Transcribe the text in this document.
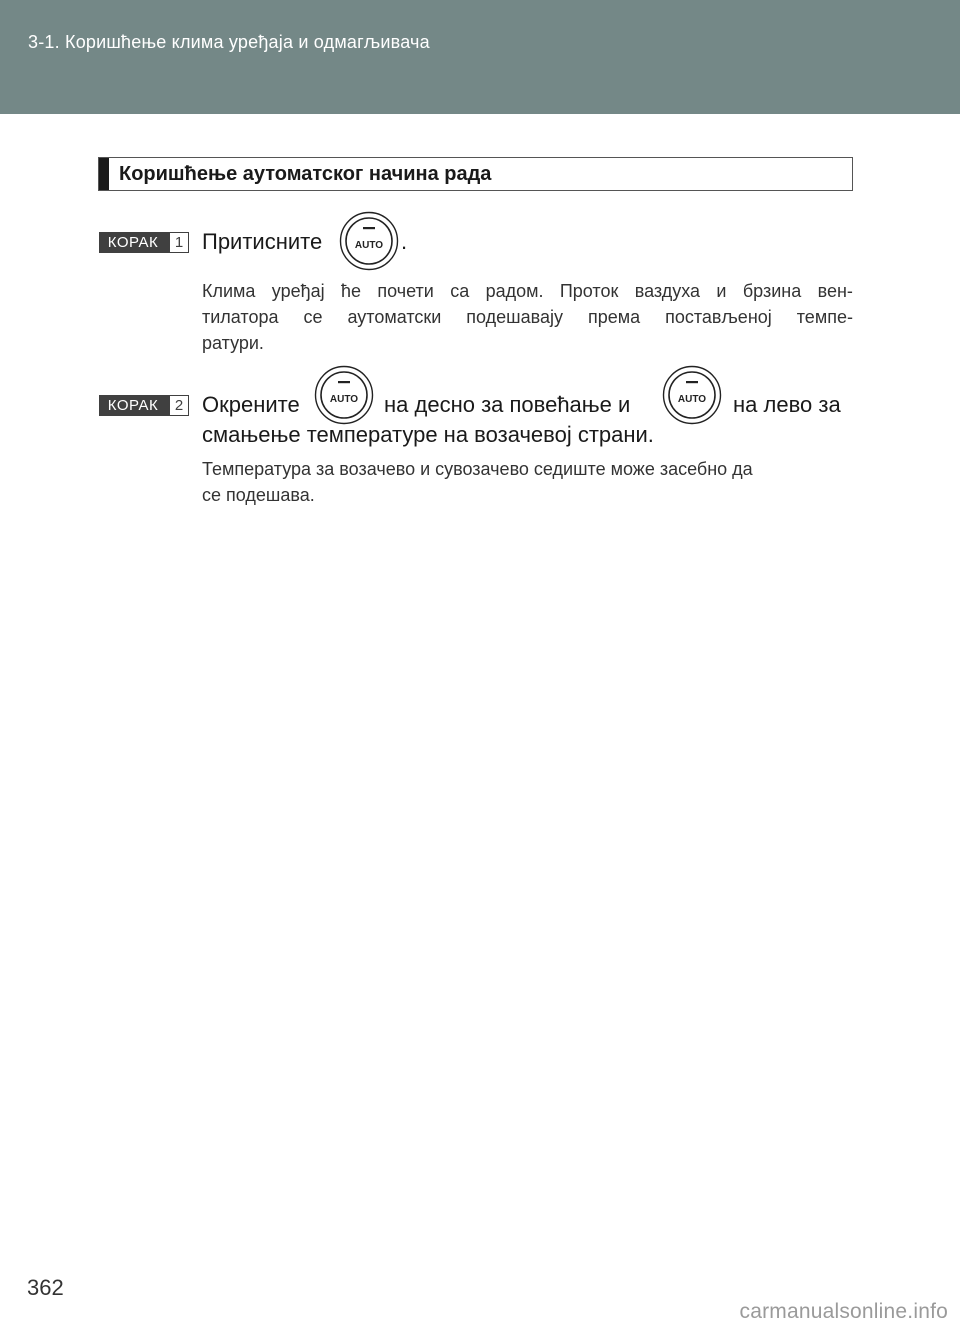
3-1. Коришћење клима уређаја и одмагљивача
Коришћење аутоматског начина рада
КОРАК	1 Притисните	AUTO .
Клима уређај ће почети са радом. Проток ваздуха и брзина вен-
тилатора се аутоматски подешавају према постављеној темпе-
ратури.
КОРАК	2 Окрените	AUTO на десно за повећање и	AUTO на лево за
смањење температуре на возачевој страни.
Температура за возачево и сувозачево седиште може засебно да
се подешава.
362
carmanualsonline.info
